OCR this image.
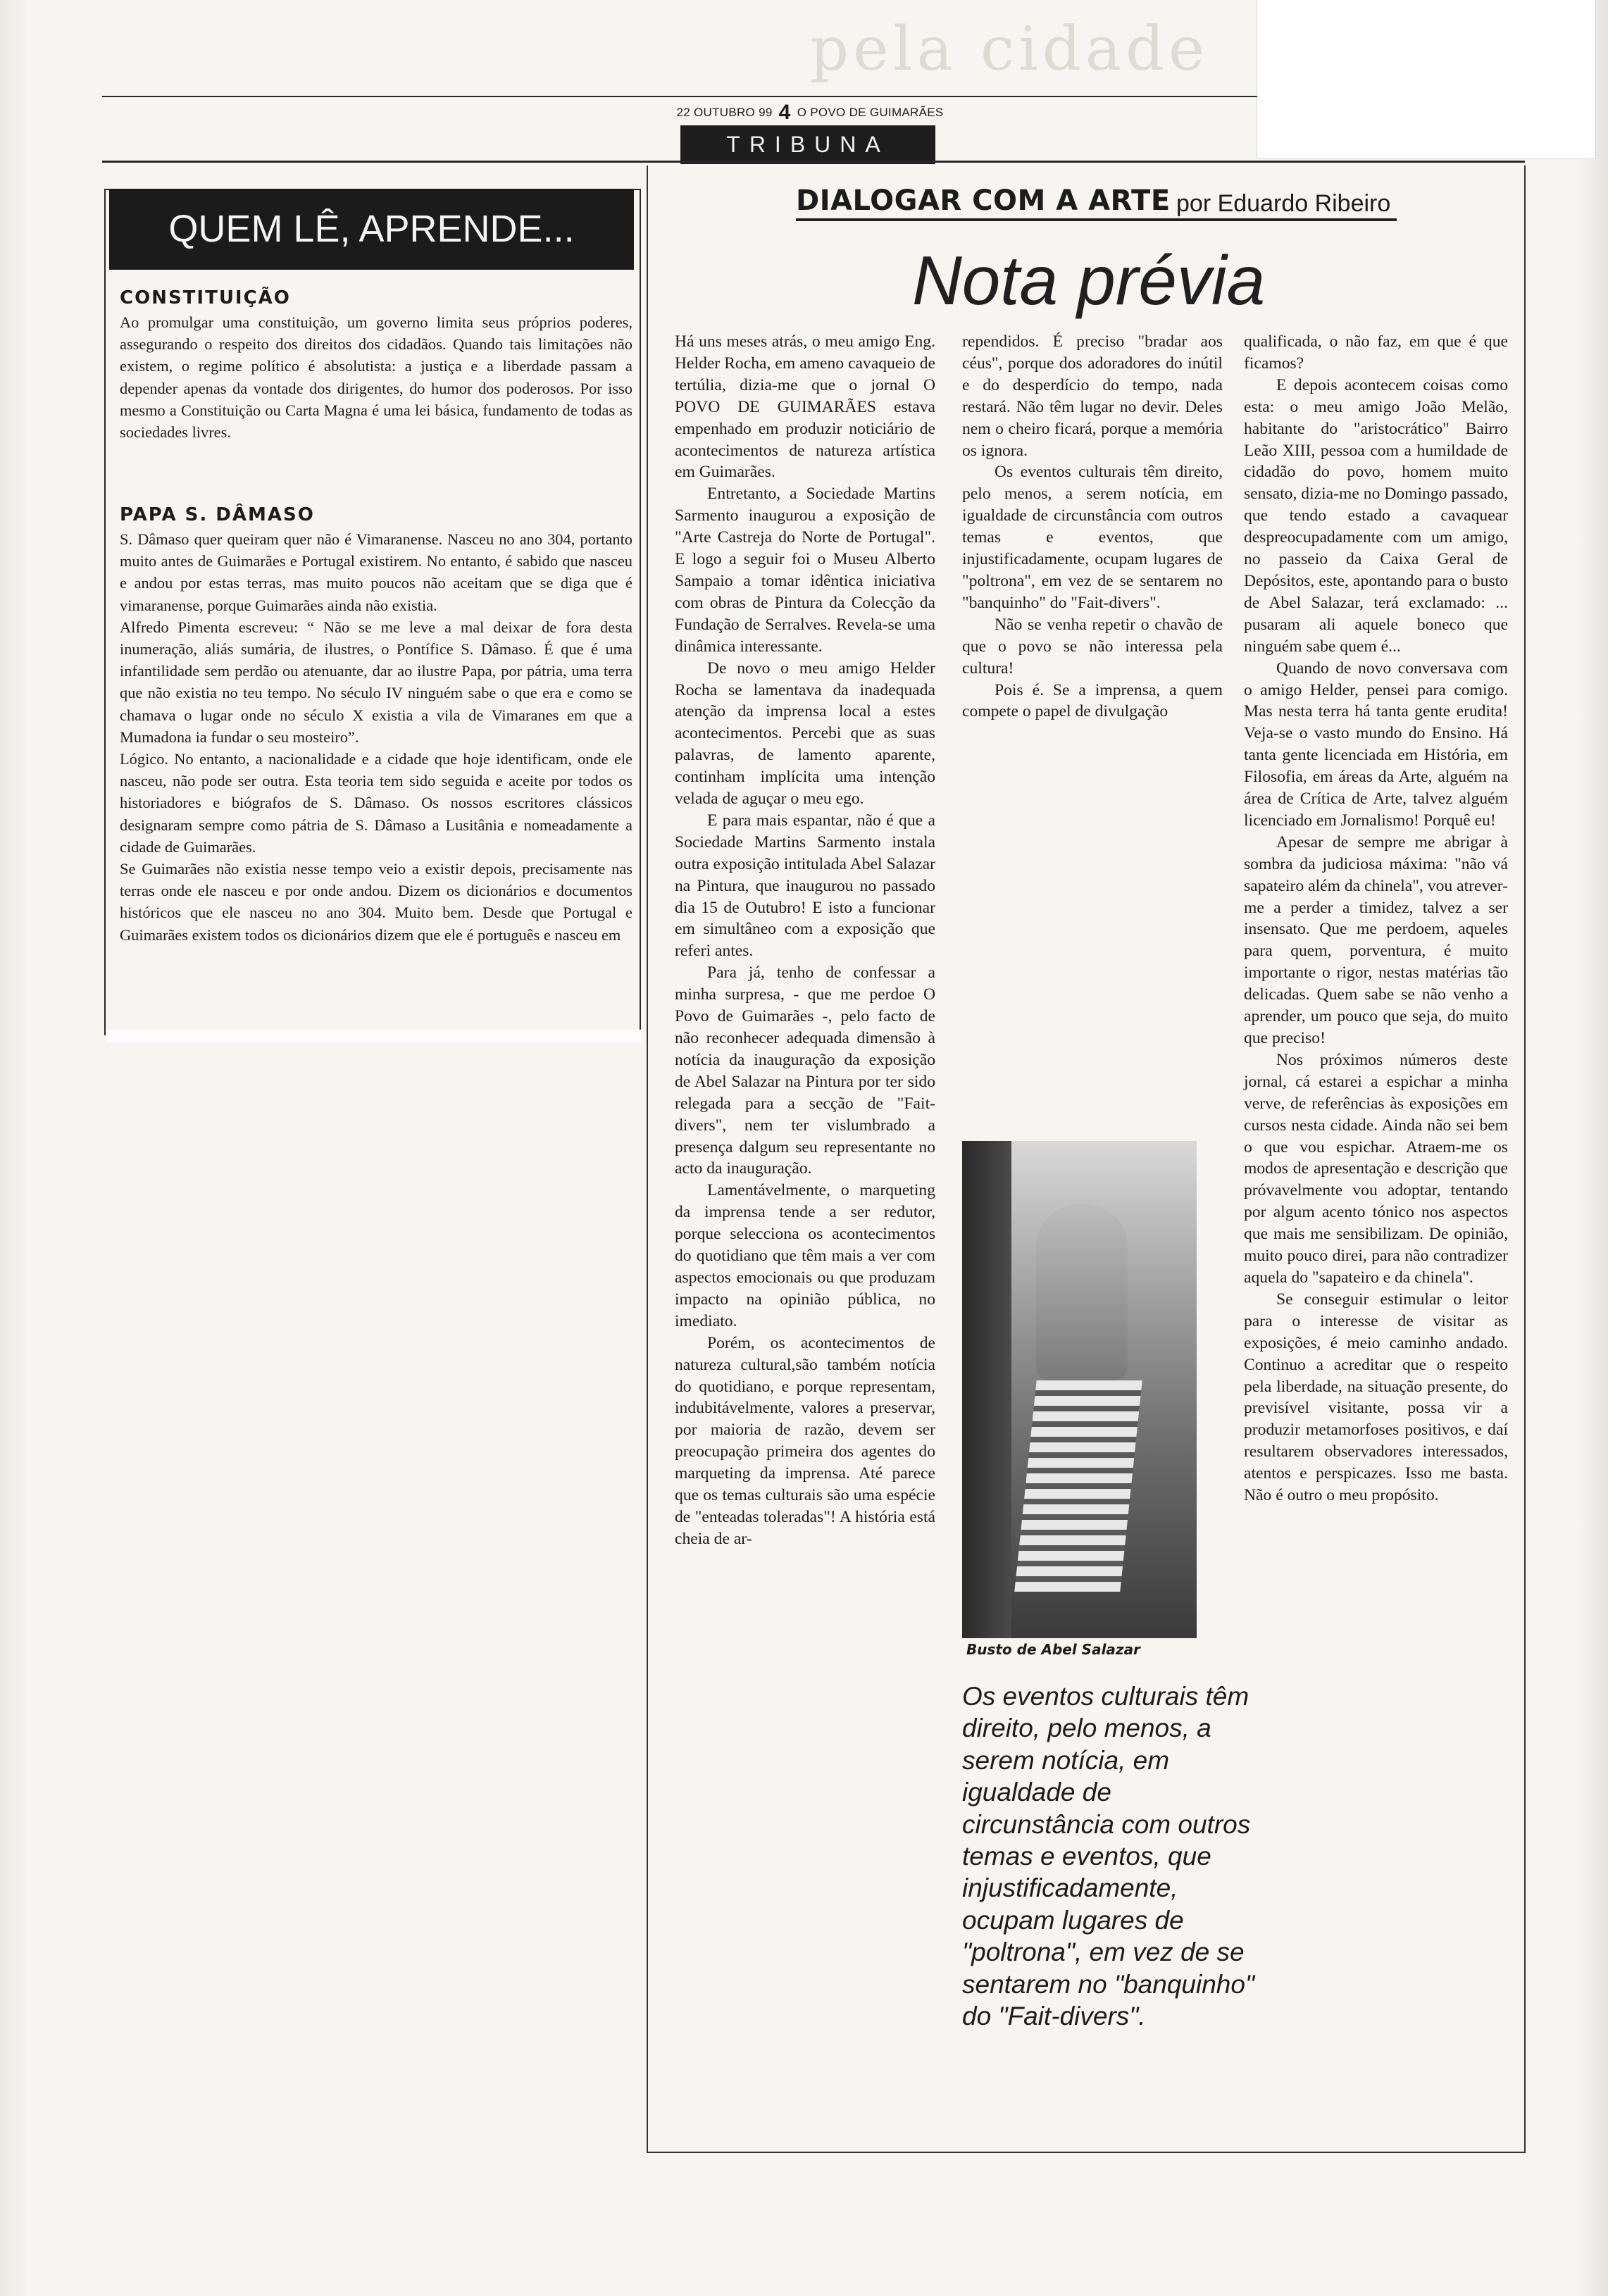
pela cidade
22 OUTUBRO 99 4 O POVO DE GUIMARÃES
TRIBUNA
QUEM LÊ, APRENDE...
CONSTITUIÇÃO

Ao promulgar uma constituição, um governo limita seus próprios poderes, assegurando o respeito dos direitos dos cidadãos. Quando tais limitações não existem, o regime político é absolutista: a justiça e a liberdade passam a depender apenas da vontade dos dirigentes, do humor dos poderosos. Por isso mesmo a Constituição ou Carta Magna é uma lei básica, fundamento de todas as sociedades livres.

PAPA S. DÂMASO

S. Dâmaso quer queiram quer não é Vimaranense. Nasceu no ano 304, portanto muito antes de Guimarães e Portugal existirem. No entanto, é sabido que nasceu e andou por estas terras, mas muito poucos não aceitam que se diga que é vimaranense, porque Guimarães ainda não existia.

Alfredo Pimenta escreveu: “ Não se me leve a mal deixar de fora desta inumeração, aliás sumária, de ilustres, o Pontífice S. Dâmaso. É que é uma infantilidade sem perdão ou atenuante, dar ao ilustre Papa, por pátria, uma terra que não existia no teu tempo. No século IV ninguém sabe o que era e como se chamava o lugar onde no século X existia a vila de Vimaranes em que a Mumadona ia fundar o seu mosteiro”.

Lógico. No entanto, a nacionalidade e a cidade que hoje identificam, onde ele nasceu, não pode ser outra. Esta teoria tem sido seguida e aceite por todos os historiadores e biógrafos de S. Dâmaso. Os nossos escritores clássicos designaram sempre como pátria de S. Dâmaso a Lusitânia e nomeadamente a cidade de Guimarães.

Se Guimarães não existia nesse tempo veio a existir depois, precisamente nas terras onde ele nasceu e por onde andou. Dizem os dicionários e documentos históricos que ele nasceu no ano 304. Muito bem. Desde que Portugal e Guimarães existem todos os dicionários dizem que ele é português e nasceu em

DIALOGAR COM A ARTE por Eduardo Ribeiro
Nota prévia

Há uns meses atrás, o meu amigo Eng. Helder Rocha, em ameno cavaqueio de tertúlia, dizia-me que o jornal O POVO DE GUIMARÃES estava empenhado em produzir noticiário de acontecimentos de natureza artística em Guimarães.

Entretanto, a Sociedade Martins Sarmento inaugurou a exposição de "Arte Castreja do Norte de Portugal". E logo a seguir foi o Museu Alberto Sampaio a tomar idêntica iniciativa com obras de Pintura da Colecção da Fundação de Serralves. Revela-se uma dinâmica interessante.

De novo o meu amigo Helder Rocha se lamentava da inadequada atenção da imprensa local a estes acontecimentos. Percebi que as suas palavras, de lamento aparente, continham implícita uma intenção velada de aguçar o meu ego.

E para mais espantar, não é que a Sociedade Martins Sarmento instala outra exposição intitulada Abel Salazar na Pintura, que inaugurou no passado dia 15 de Outubro! E isto a funcionar em simultâneo com a exposição que referi antes.

Para já, tenho de confessar a minha surpresa, - que me perdoe O Povo de Guimarães -, pelo facto de não reconhecer adequada dimensão à notícia da inauguração da exposição de Abel Salazar na Pintura por ter sido relegada para a secção de "Fait-divers", nem ter vislumbrado a presença dalgum seu representante no acto da inauguração.

Lamentávelmente, o marqueting da imprensa tende a ser redutor, porque selecciona os acontecimentos do quotidiano que têm mais a ver com aspectos emocionais ou que produzam impacto na opinião pública, no imediato.

Porém, os acontecimentos de natureza cultural,são também notícia do quotidiano, e porque representam, indubitávelmente, valores a preservar, por maioria de razão, devem ser preocupação primeira dos agentes do marqueting da imprensa. Até parece que os temas culturais são uma espécie de "enteadas toleradas"! A história está cheia de ar-

rependidos. É preciso "bradar aos céus", porque dos adoradores do inútil e do desperdício do tempo, nada restará. Não têm lugar no devir. Deles nem o cheiro ficará, porque a memória os ignora.

Os eventos culturais têm direito, pelo menos, a serem notícia, em igualdade de circunstância com outros temas e eventos, que injustificadamente, ocupam lugares de "poltrona", em vez de se sentarem no "banquinho" do "Fait-divers".

Não se venha repetir o chavão de que o povo se não interessa pela cultura!

Pois é. Se a imprensa, a quem compete o papel de divulgação

qualificada, o não faz, em que é que ficamos?

E depois acontecem coisas como esta: o meu amigo João Melão, habitante do "aristocrático" Bairro Leão XIII, pessoa com a humildade de cidadão do povo, homem muito sensato, dizia-me no Domingo passado, que tendo estado a cavaquear despreocupadamente com um amigo, no passeio da Caixa Geral de Depósitos, este, apontando para o busto de Abel Salazar, terá exclamado: ... pusaram ali aquele boneco que ninguém sabe quem é...

Quando de novo conversava com o amigo Helder, pensei para comigo. Mas nesta terra há tanta gente erudita! Veja-se o vasto mundo do Ensino. Há tanta gente licenciada em História, em Filosofia, em áreas da Arte, alguém na área de Crítica de Arte, talvez alguém licenciado em Jornalismo! Porquê eu!

Apesar de sempre me abrigar à sombra da judiciosa máxima: "não vá sapateiro além da chinela", vou atrever-me a perder a timidez, talvez a ser insensato. Que me perdoem, aqueles para quem, porventura, é muito importante o rigor, nestas matérias tão delicadas. Quem sabe se não venho a aprender, um pouco que seja, do muito que preciso!

Nos próximos números deste jornal, cá estarei a espichar a minha verve, de referências às exposições em cursos nesta cidade. Ainda não sei bem o que vou espichar. Atraem-me os modos de apresentação e descrição que próvavelmente vou adoptar, tentando por algum acento tónico nos aspectos que mais me sensibilizam. De opinião, muito pouco direi, para não contradizer aquela do "sapateiro e da chinela".

Se conseguir estimular o leitor para o interesse de visitar as exposições, é meio caminho andado. Continuo a acreditar que o respeito pela liberdade, na situação presente, do previsível visitante, possa vir a produzir metamorfoses positivos, e daí resultarem observadores interessados, atentos e perspicazes. Isso me basta. Não é outro o meu propósito.

Busto de Abel Salazar
Os eventos culturais têm direito, pelo menos, a serem notícia, em igualdade de circunstância com outros temas e eventos, que injustificadamente, ocupam lugares de "poltrona", em vez de se sentarem no "banquinho" do "Fait-divers".
